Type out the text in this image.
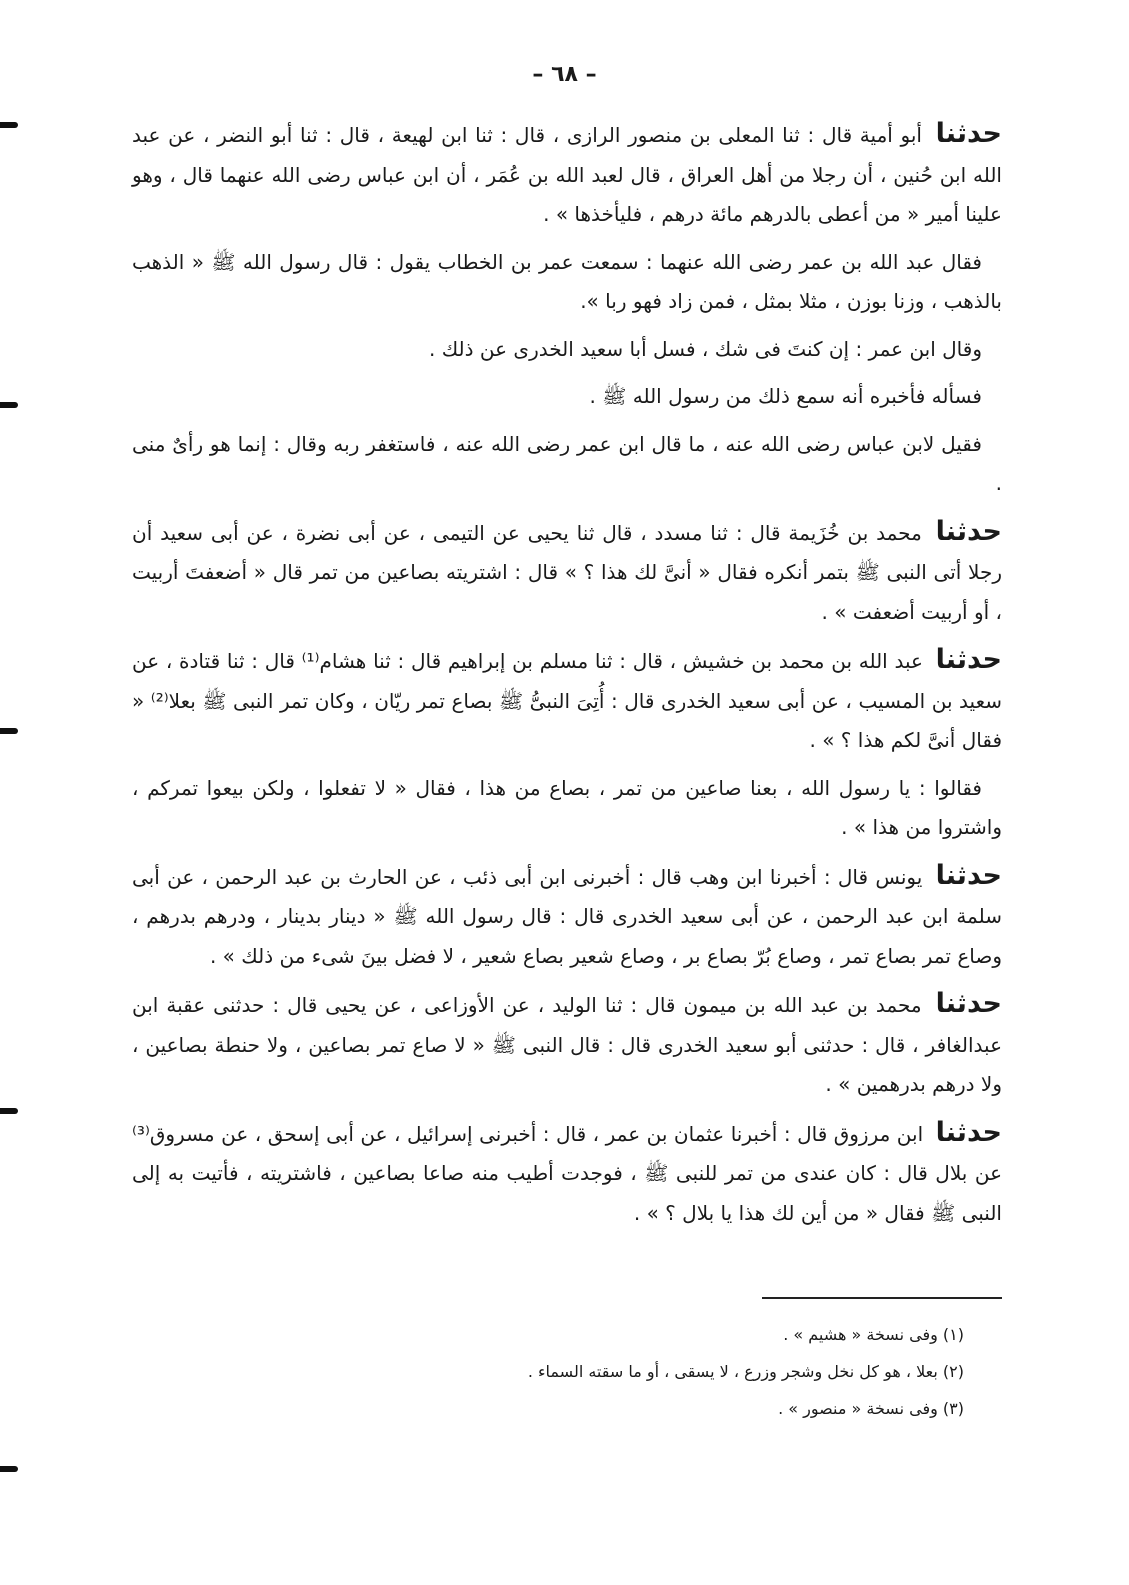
– ٦٨ –

حدثنا أبو أمية قال : ثنا المعلى بن منصور الرازى ، قال : ثنا ابن لهيعة ، قال : ثنا أبو النضر ، عن عبد الله ابن حُنين ، أن رجلا من أهل العراق ، قال لعبد الله بن عُمَر ، أن ابن عباس رضى الله عنهما قال ، وهو علينا أمير « من أعطى بالدرهم مائة درهم ، فليأخذها » .

فقال عبد الله بن عمر رضى الله عنهما : سمعت عمر بن الخطاب يقول : قال رسول الله ﷺ « الذهب بالذهب ، وزنا بوزن ، مثلا بمثل ، فمن زاد فهو ربا ».

وقال ابن عمر : إن كنتَ فى شك ، فسل أبا سعيد الخدرى عن ذلك .

فسأله فأخبره أنه سمع ذلك من رسول الله ﷺ .

فقيل لابن عباس رضى الله عنه ، ما قال ابن عمر رضى الله عنه ، فاستغفر ربه وقال : إنما هو رأىٌ منى .

حدثنا محمد بن خُزَيمة قال : ثنا مسدد ، قال ثنا يحيى عن التيمى ، عن أبى نضرة ، عن أبى سعيد أن رجلا أتى النبى ﷺ بتمر أنكره فقال « أنىَّ لك هذا ؟ » قال : اشتريته بصاعين من تمر قال « أضعفتَ أربيت ، أو أربيت أضعفت » .

حدثنا عبد الله بن محمد بن خشيش ، قال : ثنا مسلم بن إبراهيم قال : ثنا هشام⁽¹⁾ قال : ثنا قتادة ، عن سعيد بن المسيب ، عن أبى سعيد الخدرى قال : أُتِىَ النبىُّ ﷺ بصاع تمر ريّان ، وكان تمر النبى ﷺ بعلا⁽²⁾ « فقال أنىَّ لكم هذا ؟ » .

فقالوا : يا رسول الله ، بعنا صاعين من تمر ، بصاع من هذا ، فقال « لا تفعلوا ، ولكن بيعوا تمركم ، واشتروا من هذا » .

حدثنا يونس قال : أخبرنا ابن وهب قال : أخبرنى ابن أبى ذئب ، عن الحارث بن عبد الرحمن ، عن أبى سلمة ابن عبد الرحمن ، عن أبى سعيد الخدرى قال : قال رسول الله ﷺ « دينار بدينار ، ودرهم بدرهم ، وصاع تمر بصاع تمر ، وصاع بُرّ بصاع بر ، وصاع شعير بصاع شعير ، لا فضل بينَ شىء من ذلك » .

حدثنا محمد بن عبد الله بن ميمون قال : ثنا الوليد ، عن الأوزاعى ، عن يحيى قال : حدثنى عقبة ابن عبدالغافر ، قال : حدثنى أبو سعيد الخدرى قال : قال النبى ﷺ « لا صاع تمر بصاعين ، ولا حنطة بصاعين ، ولا درهم بدرهمين » .

حدثنا ابن مرزوق قال : أخبرنا عثمان بن عمر ، قال : أخبرنى إسرائيل ، عن أبى إسحق ، عن مسروق⁽³⁾ عن بلال قال : كان عندى من تمر للنبى ﷺ ، فوجدت أطيب منه صاعا بصاعين ، فاشتريته ، فأتيت به إلى النبى ﷺ فقال « من أين لك هذا يا بلال ؟ » .

(١) وفى نسخة « هشيم » .

(٢) بعلا ، هو كل نخل وشجر وزرع ، لا يسقى ، أو ما سقته السماء .

(٣) وفى نسخة « منصور » .
